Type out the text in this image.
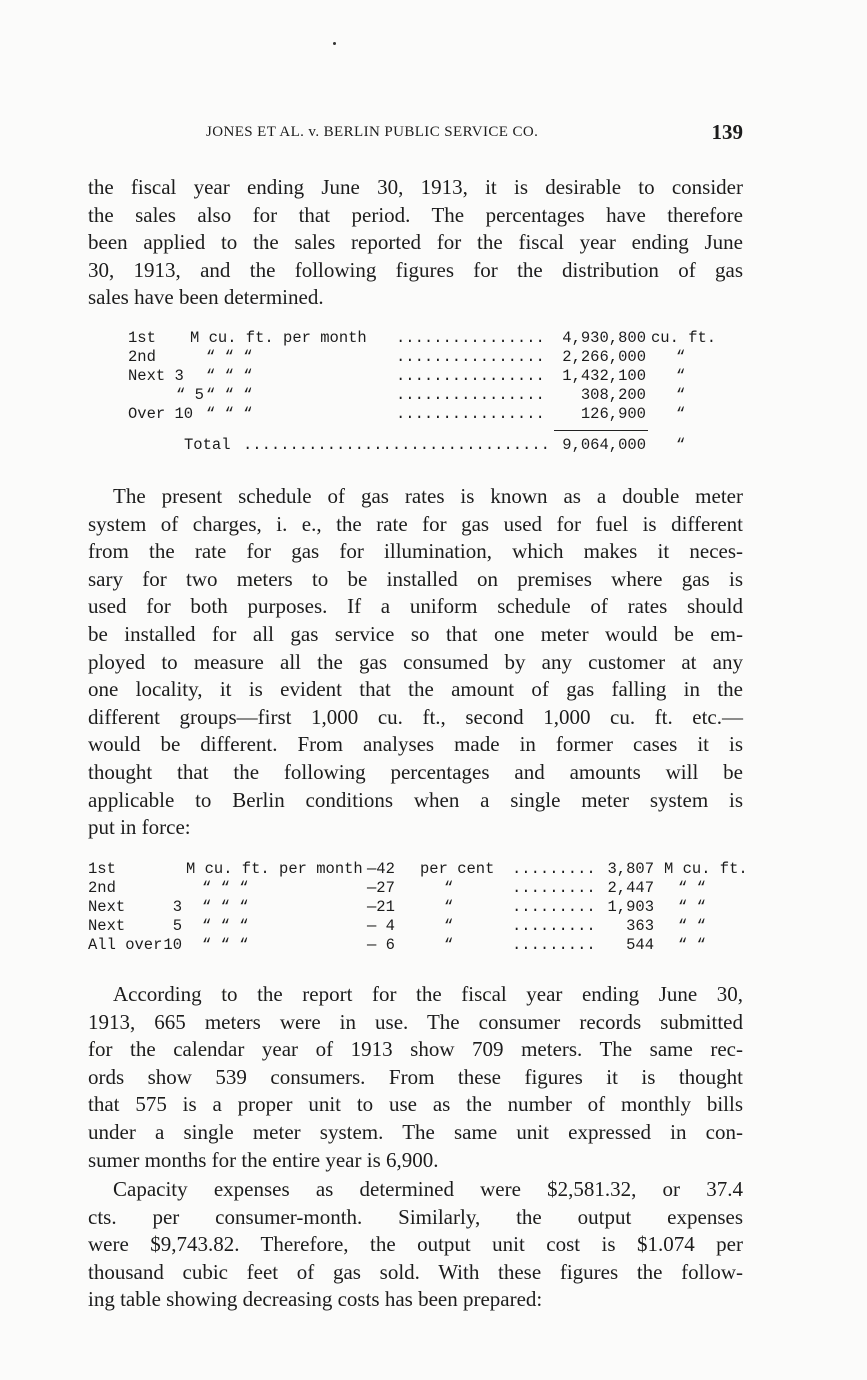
JONES ET AL. v. BERLIN PUBLIC SERVICE CO.	139
the fiscal year ending June 30, 1913, it is desirable to consider
the sales also for that period. The percentages have therefore
been applied to the sales reported for the fiscal year ending June
30, 1913, and the following figures for the distribution of gas
sales have been determined.
1st M cu. ft. per month ................ 4,930,800 cu. ft.
2nd	“ “ “	................ 2,266,000 “
Next 3 “ “ “	................ 1,432,100 “
“ 5 “ “ “	................ 308,200 “
Over 10 “ “ “	................ 126,900 “
Total ................................. 9,064,000 “
The present schedule of gas rates is known as a double meter
system of charges, i. e., the rate for gas used for fuel is different
from the rate for gas for illumination, which makes it neces-
sary for two meters to be installed on premises where gas is
used for both purposes. If a uniform schedule of rates should
be installed for all gas service so that one meter would be em-
ployed to measure all the gas consumed by any customer at any
one locality, it is evident that the amount of gas falling in the
different groups—first 1,000 cu. ft., second 1,000 cu. ft. etc.—
would be different. From analyses made in former cases it is
thought that the following percentages and amounts will be
applicable to Berlin conditions when a single meter system is
put in force:
1st	M cu. ft. per month —42 per cent ......... 3,807 M cu. ft.
2nd	“ “ “	—27	“	......... 2,447 “ “
Next	3 “ “ “	—21	“	......... 1,903 “ “
Next	5 “ “ “	— 4	“	......... 363 “ “
All over 10 “ “ “	— 6	“	......... 544 “ “
According to the report for the fiscal year ending June 30,
1913, 665 meters were in use. The consumer records submitted
for the calendar year of 1913 show 709 meters. The same rec-
ords show 539 consumers. From these figures it is thought
that 575 is a proper unit to use as the number of monthly bills
under a single meter system. The same unit expressed in con-
sumer months for the entire year is 6,900.
Capacity expenses as determined were $2,581.32, or 37.4
cts. per consumer-month. Similarly, the output expenses
were $9,743.82. Therefore, the output unit cost is $1.074 per
thousand cubic feet of gas sold. With these figures the follow-
ing table showing decreasing costs has been prepared:
